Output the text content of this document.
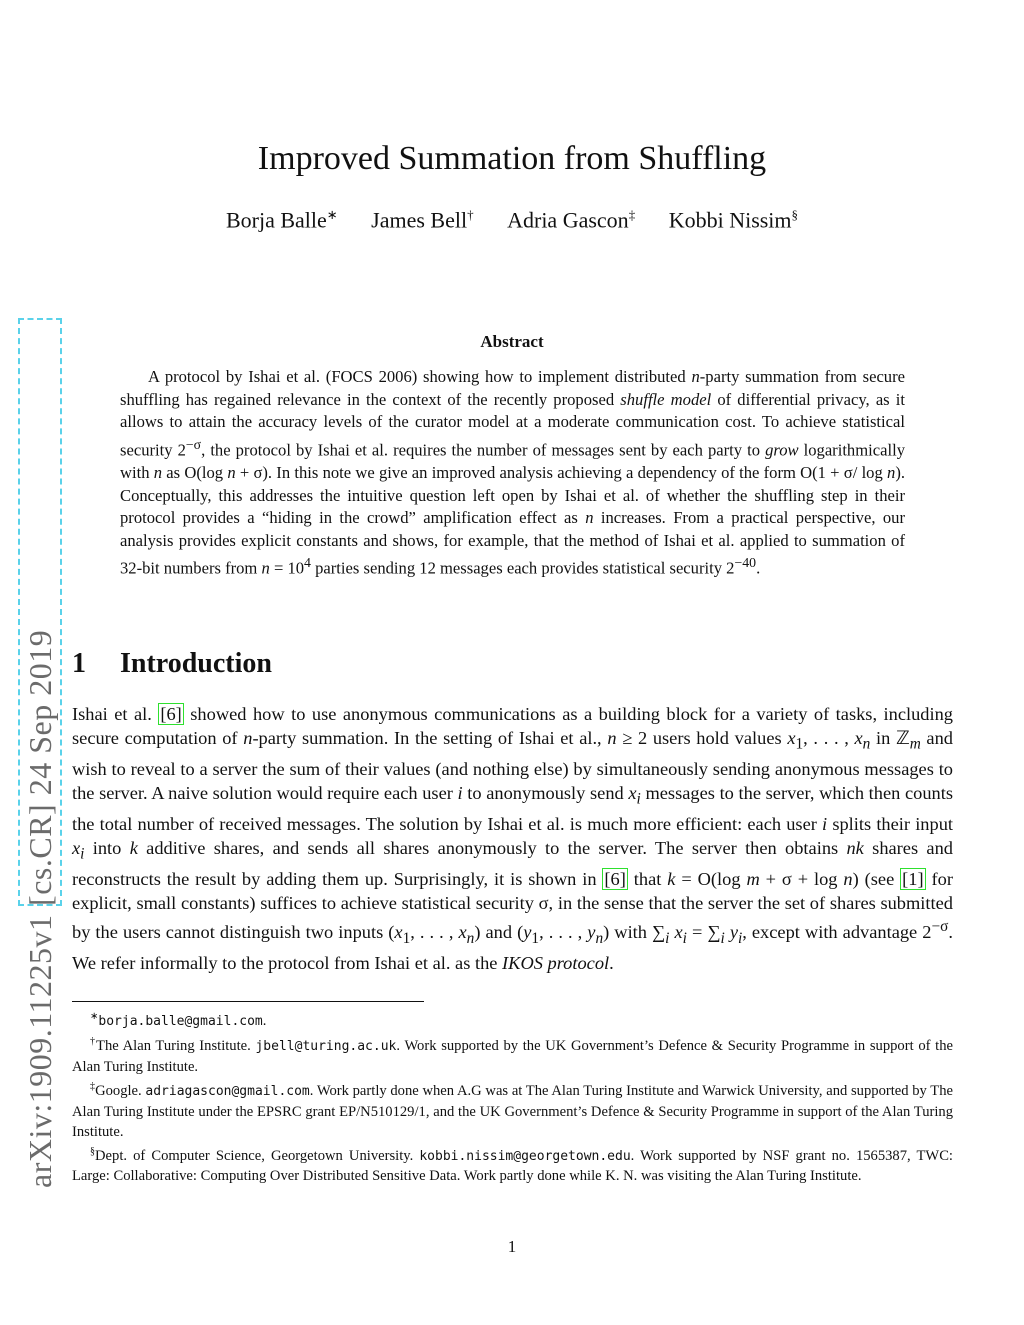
arXiv:1909.11225v1 [cs.CR] 24 Sep 2019
Improved Summation from Shuffling
Borja Balle∗ James Bell† Adria Gascon‡ Kobbi Nissim§
Abstract
A protocol by Ishai et al. (FOCS 2006) showing how to implement distributed n-party summation from secure shuffling has regained relevance in the context of the recently proposed shuffle model of differential privacy, as it allows to attain the accuracy levels of the curator model at a moderate communication cost. To achieve statistical security $2^{-\sigma}$, the protocol by Ishai et al. requires the number of messages sent by each party to grow logarithmically with n as O(log n + σ). In this note we give an improved analysis achieving a dependency of the form O(1 + σ/ log n). Conceptually, this addresses the intuitive question left open by Ishai et al. of whether the shuffling step in their protocol provides a “hiding in the crowd” amplification effect as n increases. From a practical perspective, our analysis provides explicit constants and shows, for example, that the method of Ishai et al. applied to summation of 32-bit numbers from $n = 10^4$ parties sending 12 messages each provides statistical security $2^{-40}$.
1 Introduction
Ishai et al. [6] showed how to use anonymous communications as a building block for a variety of tasks, including secure computation of n-party summation. In the setting of Ishai et al., n ≥ 2 users hold values $x_1$, . . . , $x_n$ in ℤ$_m$ and wish to reveal to a server the sum of their values (and nothing else) by simultaneously sending anonymous messages to the server. A naive solution would require each user i to anonymously send $x_i$ messages to the server, which then counts the total number of received messages. The solution by Ishai et al. is much more efficient: each user i splits their input $x_i$ into k additive shares, and sends all shares anonymously to the server. The server then obtains nk shares and reconstructs the result by adding them up. Surprisingly, it is shown in [6] that k = O(log m + σ + log n) (see [1] for explicit, small constants) suffices to achieve statistical security σ, in the sense that the server the set of shares submitted by the users cannot distinguish two inputs ($x_1$, . . . , $x_n$) and ($y_1$, . . . , $y_n$) with $\sum_i$ $x_i = \sum_i$ $y_i$, except with advantage $2^{-\sigma}$. We refer informally to the protocol from Ishai et al. as the IKOS protocol.

∗borja.balle@gmail.com.

†The Alan Turing Institute. jbell@turing.ac.uk. Work supported by the UK Government’s Defence & Security Programme in support of the Alan Turing Institute.

‡Google. adriagascon@gmail.com. Work partly done when A.G was at The Alan Turing Institute and Warwick University, and supported by The Alan Turing Institute under the EPSRC grant EP/N510129/1, and the UK Government’s Defence & Security Programme in support of the Alan Turing Institute.

§Dept. of Computer Science, Georgetown University. kobbi.nissim@georgetown.edu. Work supported by NSF grant no. 1565387, TWC: Large: Collaborative: Computing Over Distributed Sensitive Data. Work partly done while K. N. was visiting the Alan Turing Institute.

1
